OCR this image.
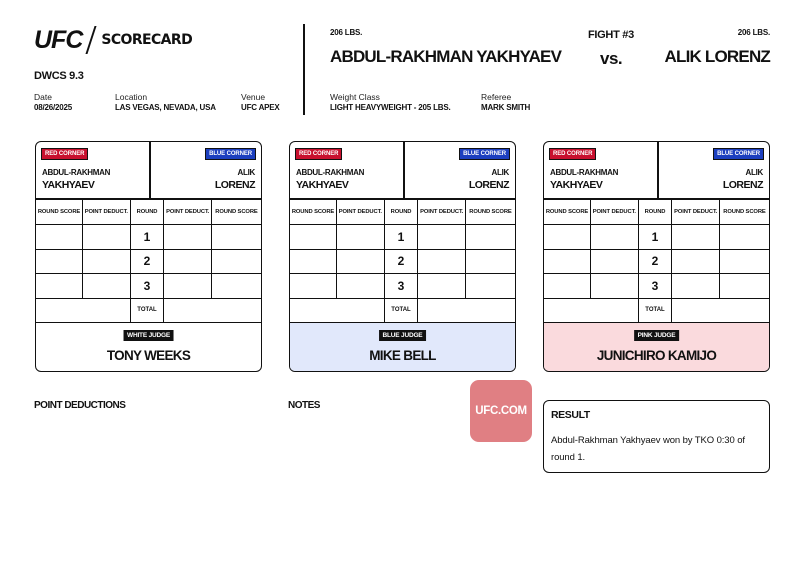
UFC SCORECARD
DWCS 9.3
Date
08/26/2025
Location
LAS VEGAS, NEVADA, USA
Venue
UFC APEX
206 LBS.
ABDUL-RAKHMAN YAKHYAEV
FIGHT #3
vs.
206 LBS.
ALIK LORENZ
Weight Class
LIGHT HEAVYWEIGHT - 205 LBS.
Referee
MARK SMITH
RED CORNER	BLUE CORNER
ABDUL-RAKHMAN
YAKHYAEV
ALIK
LORENZ
ROUND SCORE	POINT DEDUCT.	ROUND	POINT DEDUCT.	ROUND SCORE
		1		
		2		
		3		
		TOTAL		
WHITE JUDGE
TONY WEEKS
RED CORNER	BLUE CORNER
ABDUL-RAKHMAN
YAKHYAEV
ALIK
LORENZ
ROUND SCORE	POINT DEDUCT.	ROUND	POINT DEDUCT.	ROUND SCORE
		1		
		2		
		3		
		TOTAL		
BLUE JUDGE
MIKE BELL
RED CORNER	BLUE CORNER
ABDUL-RAKHMAN
YAKHYAEV
ALIK
LORENZ
ROUND SCORE	POINT DEDUCT.	ROUND	POINT DEDUCT.	ROUND SCORE
		1		
		2		
		3		
		TOTAL		
PINK JUDGE
JUNICHIRO KAMIJO
POINT DEDUCTIONS	NOTES	UFC.COM	RESULT
Abdul-Rakhman Yakhyaev won by TKO 0:30 of round 1.
